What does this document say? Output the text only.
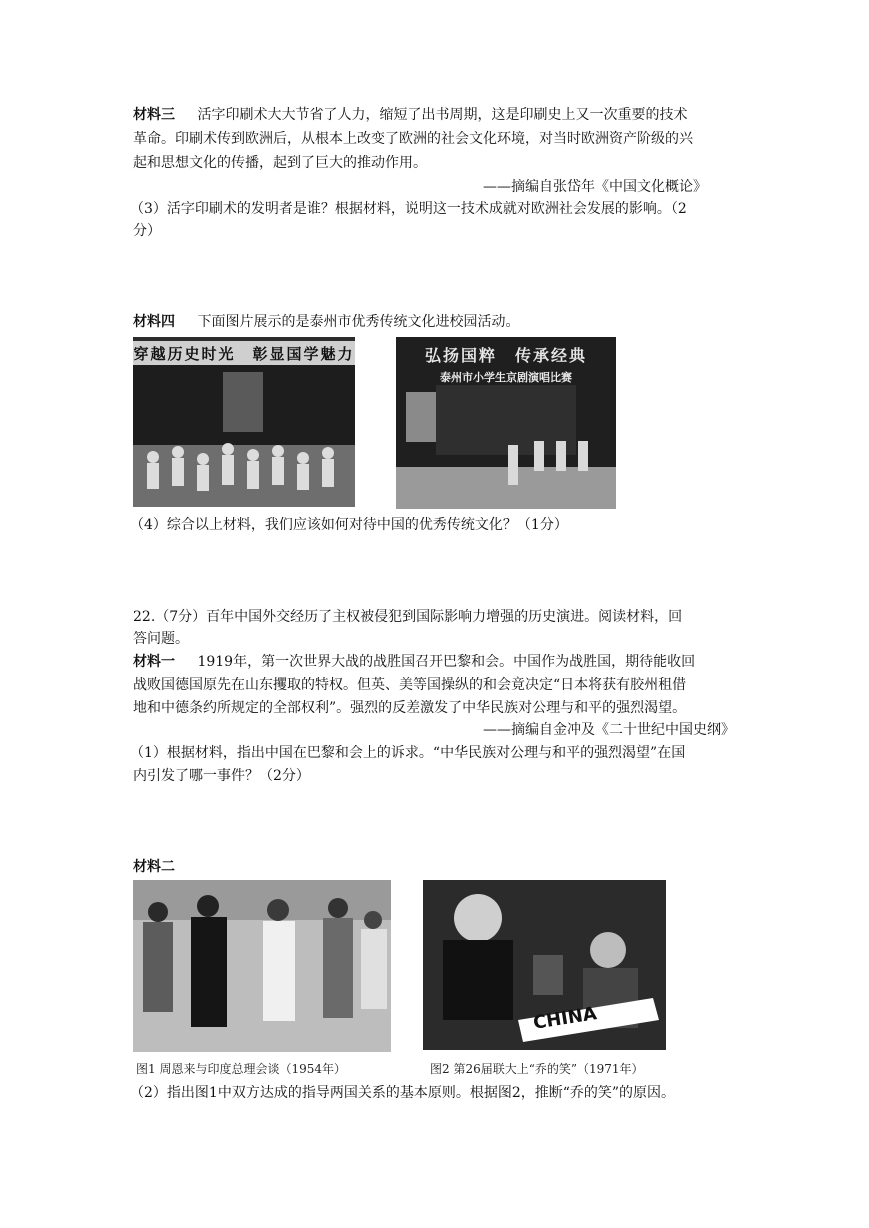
材料三 活字印刷术大大节省了人力，缩短了出书周期，这是印刷史上又一次重要的技术
革命。印刷术传到欧洲后，从根本上改变了欧洲的社会文化环境，对当时欧洲资产阶级的兴
起和思想文化的传播，起到了巨大的推动作用。
——摘编自张岱年《中国文化概论》
（3）活字印刷术的发明者是谁？根据材料，说明这一技术成就对欧洲社会发展的影响。（2
分）
材料四 下面图片展示的是泰州市优秀传统文化进校园活动。
穿越历史时光　彰显国学魅力	弘扬国粹　传承经典
泰州市小学生京剧演唱比赛
（4）综合以上材料，我们应该如何对待中国的优秀传统文化？（1分）
22.（7分）百年中国外交经历了主权被侵犯到国际影响力增强的历史演进。阅读材料，回
答问题。
材料一 1919年，第一次世界大战的战胜国召开巴黎和会。中国作为战胜国，期待能收回
战败国德国原先在山东攫取的特权。但英、美等国操纵的和会竟决定“日本将获有胶州租借
地和中德条约所规定的全部权利”。强烈的反差激发了中华民族对公理与和平的强烈渴望。
——摘编自金冲及《二十世纪中国史纲》
（1）根据材料，指出中国在巴黎和会上的诉求。“中华民族对公理与和平的强烈渴望”在国
内引发了哪一事件？（2分）
材料二
CHINA
图1 周恩来与印度总理会谈（1954年）	图2 第26届联大上“乔的笑”（1971年）
（2）指出图1中双方达成的指导两国关系的基本原则。根据图2，推断“乔的笑”的原因。
